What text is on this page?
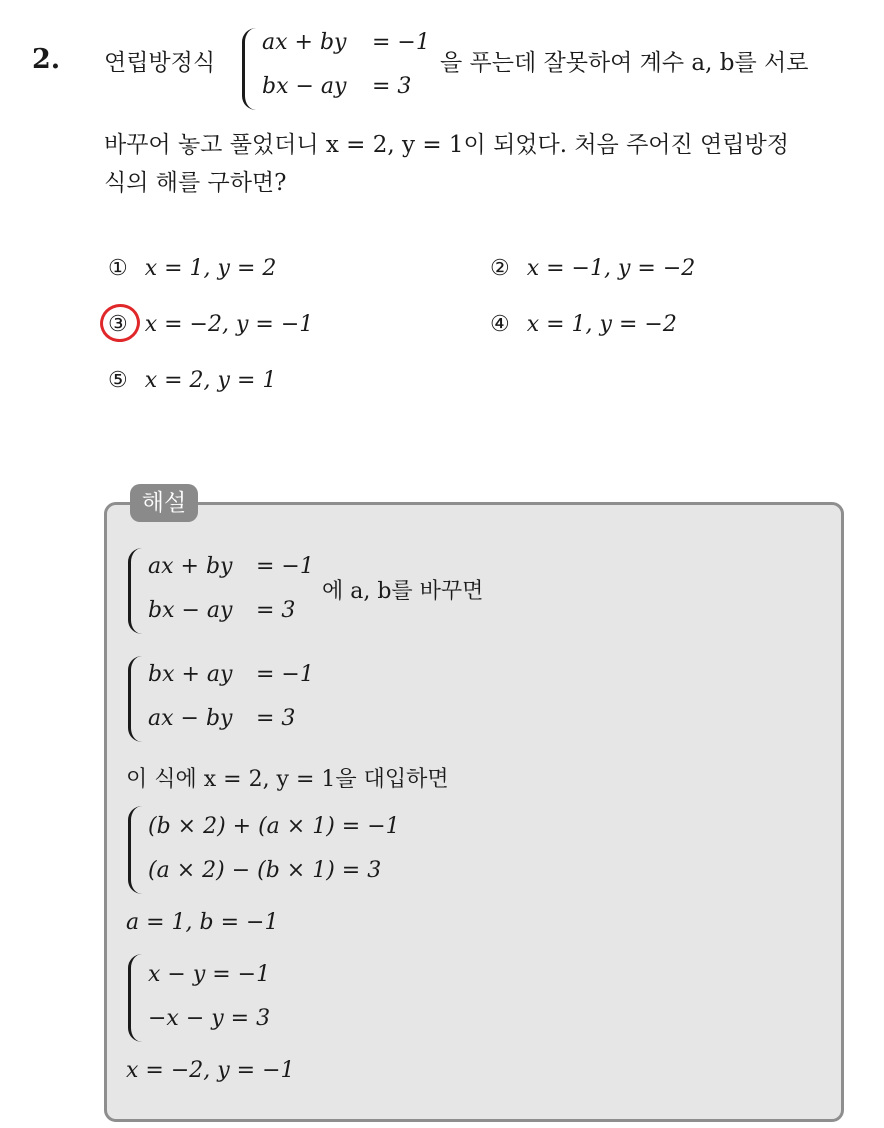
2. 연립방정식
ax + by = −1
bx − ay = 3
을 푸는데 잘못하여 계수 a, b를 서로
바꾸어 놓고 풀었더니 x = 2, y = 1이 되었다. 처음 주어진 연립방정
식의 해를 구하면?
① x = 1, y = 2	② x = −1, y = −2
③ x = −2, y = −1	④ x = 1, y = −2
⑤ x = 2, y = 1
해설
ax + by = −1
bx − ay = 3
에 a, b를 바꾸면
bx + ay = −1
ax − by = 3
이 식에 x = 2, y = 1을 대입하면
(b × 2) + (a × 1) = −1
(a × 2) − (b × 1) = 3
a = 1, b = −1
x − y = −1
−x − y = 3
x = −2, y = −1
